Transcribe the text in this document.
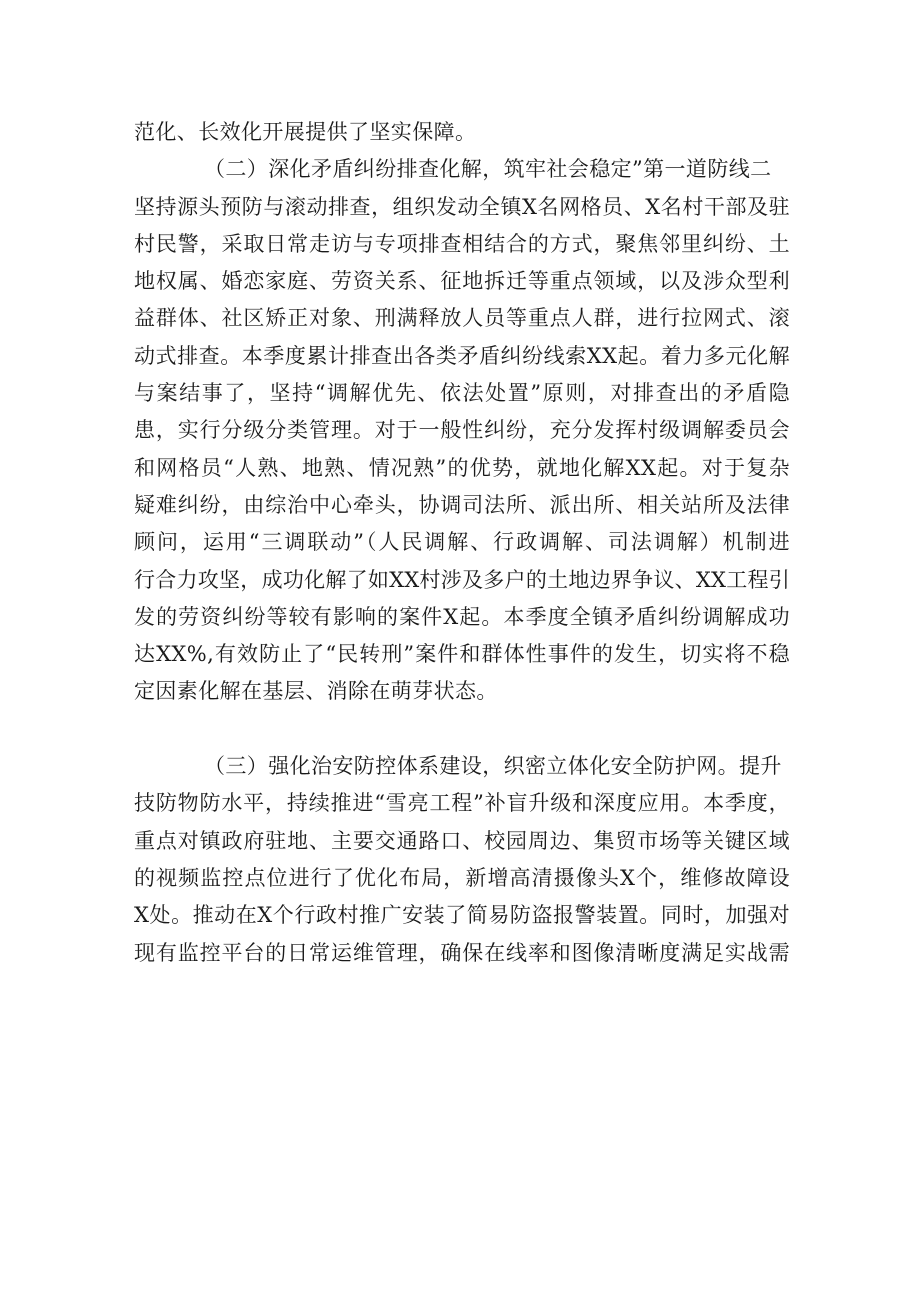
范化、长效化开展提供了坚实保障。
（二）深化矛盾纠纷排查化解，筑牢社会稳定”第一道防线二
坚持源头预防与滚动排查，组织发动全镇X名网格员、X名村干部及驻
村民警，采取日常走访与专项排查相结合的方式，聚焦邻里纠纷、土
地权属、婚恋家庭、劳资关系、征地拆迁等重点领域，以及涉众型利
益群体、社区矫正对象、刑满释放人员等重点人群，进行拉网式、滚
动式排查。本季度累计排查出各类矛盾纠纷线索XX起。着力多元化解
与案结事了，坚持“调解优先、依法处置”原则，对排查出的矛盾隐
患，实行分级分类管理。对于一般性纠纷，充分发挥村级调解委员会
和网格员“人熟、地熟、情况熟”的优势，就地化解XX起。对于复杂
疑难纠纷，由综治中心牵头，协调司法所、派出所、相关站所及法律
顾问，运用“三调联动”（人民调解、行政调解、司法调解）机制进
行合力攻坚，成功化解了如XX村涉及多户的土地边界争议、XX工程引
发的劳资纠纷等较有影响的案件X起。本季度全镇矛盾纠纷调解成功
达XX%,有效防止了“民转刑”案件和群体性事件的发生，切实将不稳
定因素化解在基层、消除在萌芽状态。
（三）强化治安防控体系建设，织密立体化安全防护网。提升
技防物防水平，持续推进“雪亮工程”补盲升级和深度应用。本季度，
重点对镇政府驻地、主要交通路口、校园周边、集贸市场等关键区域
的视频监控点位进行了优化布局，新增高清摄像头X个，维修故障设
X处。推动在X个行政村推广安装了简易防盗报警装置。同时，加强对
现有监控平台的日常运维管理，确保在线率和图像清晰度满足实战需
